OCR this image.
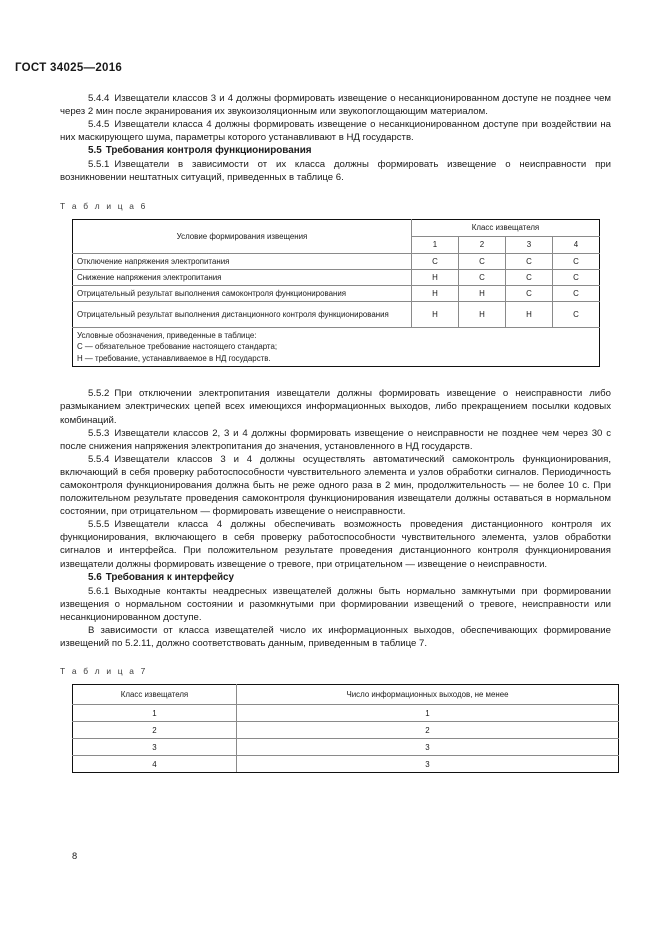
ГОСТ 34025—2016

5.4.4 Извещатели классов 3 и 4 должны формировать извещение о несанкционированном доступе не позднее чем через 2 мин после экранирования их звукоизоляционным или звукопоглощающим материалом.

5.4.5 Извещатели класса 4 должны формировать извещение о несанкционированном доступе при воздействии на них маскирующего шума, параметры которого устанавливают в НД государств.

5.5 Требования контроля функционирования

5.5.1 Извещатели в зависимости от их класса должны формировать извещение о неисправности при возникновении нештатных ситуаций, приведенных в таблице 6.

Т а б л и ц а 6

Условие формирования извещения	Класс извещателя			
	1	2	3	4
Отключение напряжения электропитания	С	С	С	С
Снижение напряжения электропитания	Н	С	С	С
Отрицательный результат выполнения самоконтроля функционирования	Н	Н	С	С
Отрицательный результат выполнения дистанционного контроля функционирования	Н	Н	Н	С

Условные обозначения, приведенные в таблице:
С — обязательное требование настоящего стандарта;
Н — требование, устанавливаемое в НД государств.				

5.5.2 При отключении электропитания извещатели должны формировать извещение о неисправности либо размыканием электрических цепей всех имеющихся информационных выходов, либо прекращением посылки кодовых комбинаций.

5.5.3 Извещатели классов 2, 3 и 4 должны формировать извещение о неисправности не позднее чем через 30 с после снижения напряжения электропитания до значения, установленного в НД государств.

5.5.4 Извещатели классов 3 и 4 должны осуществлять автоматический самоконтроль функционирования, включающий в себя проверку работоспособности чувствительного элемента и узлов обработки сигналов. Периодичность самоконтроля функционирования должна быть не реже одного раза в 2 мин, продолжительность — не более 10 с. При положительном результате проведения самоконтроля функционирования извещатели должны оставаться в нормальном состоянии, при отрицательном — формировать извещение о неисправности.

5.5.5 Извещатели класса 4 должны обеспечивать возможность проведения дистанционного контроля их функционирования, включающего в себя проверку работоспособности чувствительного элемента, узлов обработки сигналов и интерфейса. При положительном результате проведения дистанционного контроля функционирования извещатели должны формировать извещение о тревоге, при отрицательном — извещение о неисправности.

5.6 Требования к интерфейсу

5.6.1 Выходные контакты неадресных извещателей должны быть нормально замкнутыми при формировании извещения о нормальном состоянии и разомкнутыми при формировании извещений о тревоге, неисправности или несанкционированном доступе.

В зависимости от класса извещателей число их информационных выходов, обеспечивающих формирование извещений по 5.2.11, должно соответствовать данным, приведенным в таблице 7.

Т а б л и ц а 7

Класс извещателя	Число информационных выходов, не менее
1	1
2	2
3	3
4	3
8
